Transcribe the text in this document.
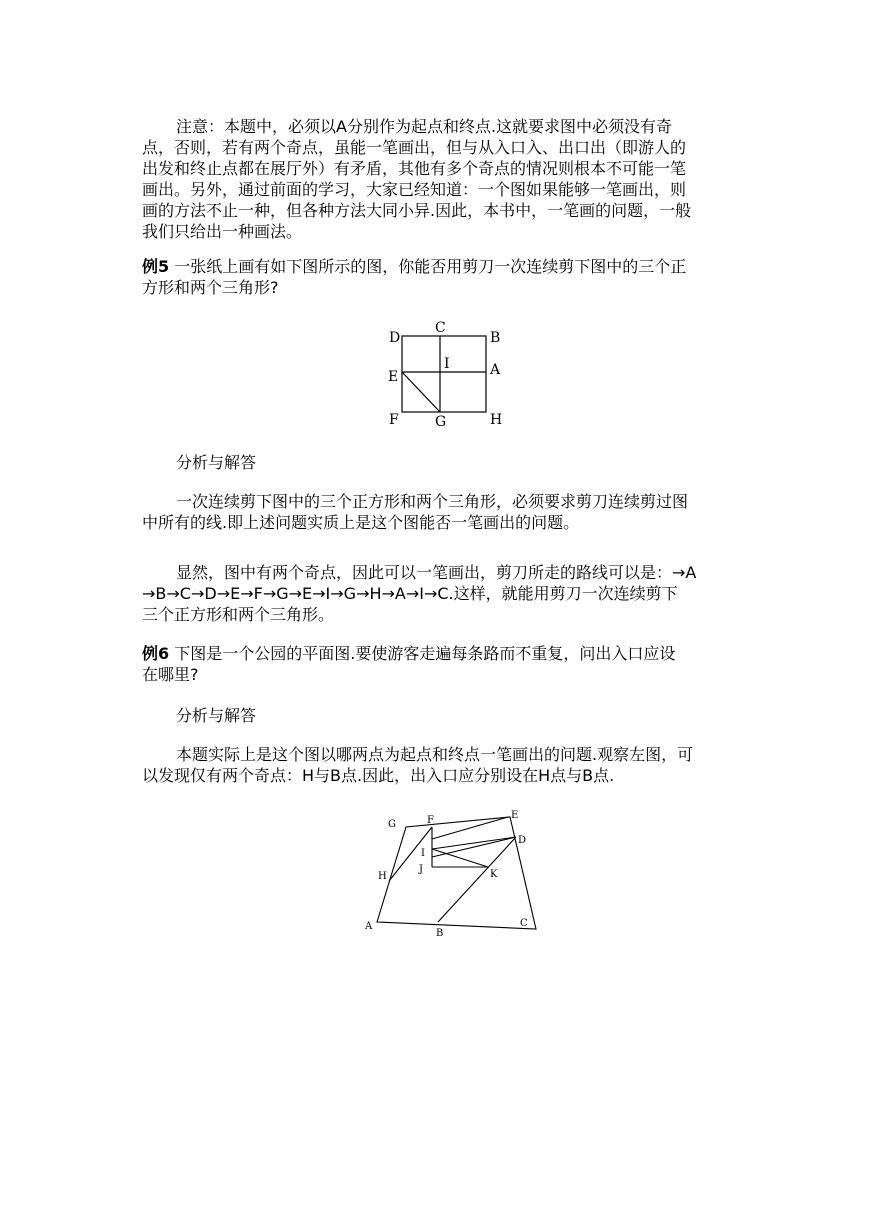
注意：本题中，必须以A分别作为起点和终点.这就要求图中必须没有奇
点，否则，若有两个奇点，虽能一笔画出，但与从入口入、出口出（即游人的
出发和终止点都在展厅外）有矛盾，其他有多个奇点的情况则根本不可能一笔
画出。另外，通过前面的学习，大家已经知道：一个图如果能够一笔画出，则
画的方法不止一种，但各种方法大同小异.因此，本书中，一笔画的问题，一般
我们只给出一种画法。
例5 一张纸上画有如下图所示的图，你能否用剪刀一次连续剪下图中的三个正
方形和两个三角形?
D
C
B
I
E	A
F	G	H
分析与解答
一次连续剪下图中的三个正方形和两个三角形，必须要求剪刀连续剪过图
中所有的线.即上述问题实质上是这个图能否一笔画出的问题。
显然，图中有两个奇点，因此可以一笔画出，剪刀所走的路线可以是：→A
→B→C→D→E→F→G→E→I→G→H→A→I→C.这样，就能用剪刀一次连续剪下
三个正方形和两个三角形。
例6 下图是一个公园的平面图.要使游客走遍每条路而不重复，问出入口应设
在哪里?
分析与解答
本题实际上是这个图以哪两点为起点和终点一笔画出的问题.观察左图，可
以发现仅有两个奇点：H与B点.因此，出入口应分别设在H点与B点.
G	F	E
D
I
J	K
H
A
B
C
